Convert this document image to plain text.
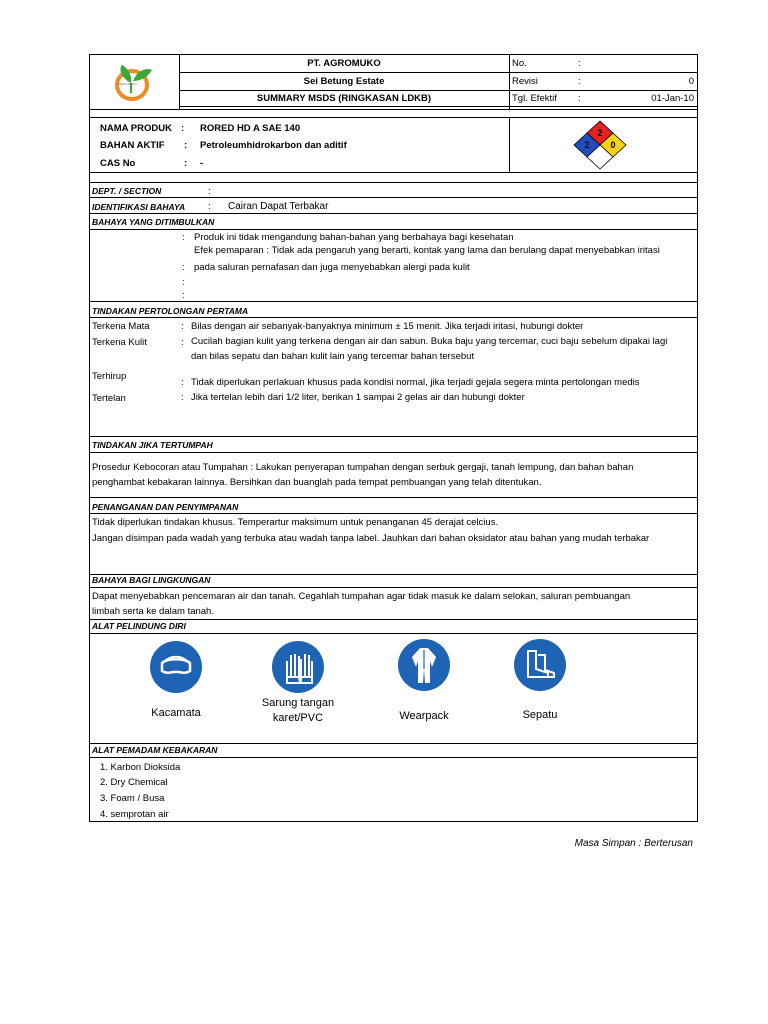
AGRO MUKO
PT. AGROMUKO
Sei Betung Estate
SUMMARY MSDS (RINGKASAN LDKB)
No.	:
Revisi	:	0
Tgl. Efektif :	01-Jan-10
NAMA PRODUK : RORED HD A SAE 140
BAHAN AKTIF : Petroleumhidrokarbon dan aditif
CAS No	: -
2
2 0
DEPT. / SECTION	:
IDENTIFIKASI BAHAYA : Cairan Dapat Terbakar
BAHAYA YANG DITIMBULKAN
: Produk ini tidak mengandung bahan-bahan yang berbahaya bagi kesehatan
Efek pemaparan : Tidak ada pengaruh yang berarti, kontak yang lama dan berulang dapat menyebabkan iritasi
: pada saluran pernafasan dan juga menyebabkan alergi pada kulit
:
:
TINDAKAN PERTOLONGAN PERTAMA
Terkena Mata	: Bilas dengan air sebanyak-banyaknya minimum ± 15 menit. Jika terjadi iritasi, hubungi dokter
Terkena Kulit	: Cucilah bagian kulit yang terkena dengan air dan sabun. Buka baju yang tercemar, cuci baju sebelum dipakai lagi
dan bilas sepatu dan bahan kulit lain yang tercemar bahan tersebut
Terhirup
: Tidak diperlukan perlakuan khusus pada kondisi normal, jika terjadi gejala segera minta pertolongan medis
Tertelan	: Jika tertelan lebih dari 1/2 liter, berikan 1 sampai 2 gelas air dan hubungi dokter
TINDAKAN JIKA TERTUMPAH
Prosedur Kebocoran atau Tumpahan : Lakukan penyerapan tumpahan dengan serbuk gergaji, tanah lempung, dan bahan bahan
penghambat kebakaran lainnya. Bersihkan dan buanglah pada tempat pembuangan yang telah ditentukan.
PENANGANAN DAN PENYIMPANAN
Tidak diperlukan tindakan khusus. Temperartur maksimum untuk penanganan 45 derajat celcius.
Jangan disimpan pada wadah yang terbuka atau wadah tanpa label. Jauhkan dari bahan oksidator atau bahan yang mudah terbakar
BAHAYA BAGI LINGKUNGAN
Dapat menyebabkan pencemaran air dan tanah. Cegahlah tumpahan agar tidak masuk ke dalam selokan, saluran pembuangan
limbah serta ke dalam tanah.
ALAT PELINDUNG DIRI
Kacamata
Sarung tangan
karet/PVC	Wearpack	Sepatu
ALAT PEMADAM KEBAKARAN
1. Karbon Dioksida
2. Dry Chemical
3. Foam / Busa
4. semprotan air
Masa Simpan : Berterusan
